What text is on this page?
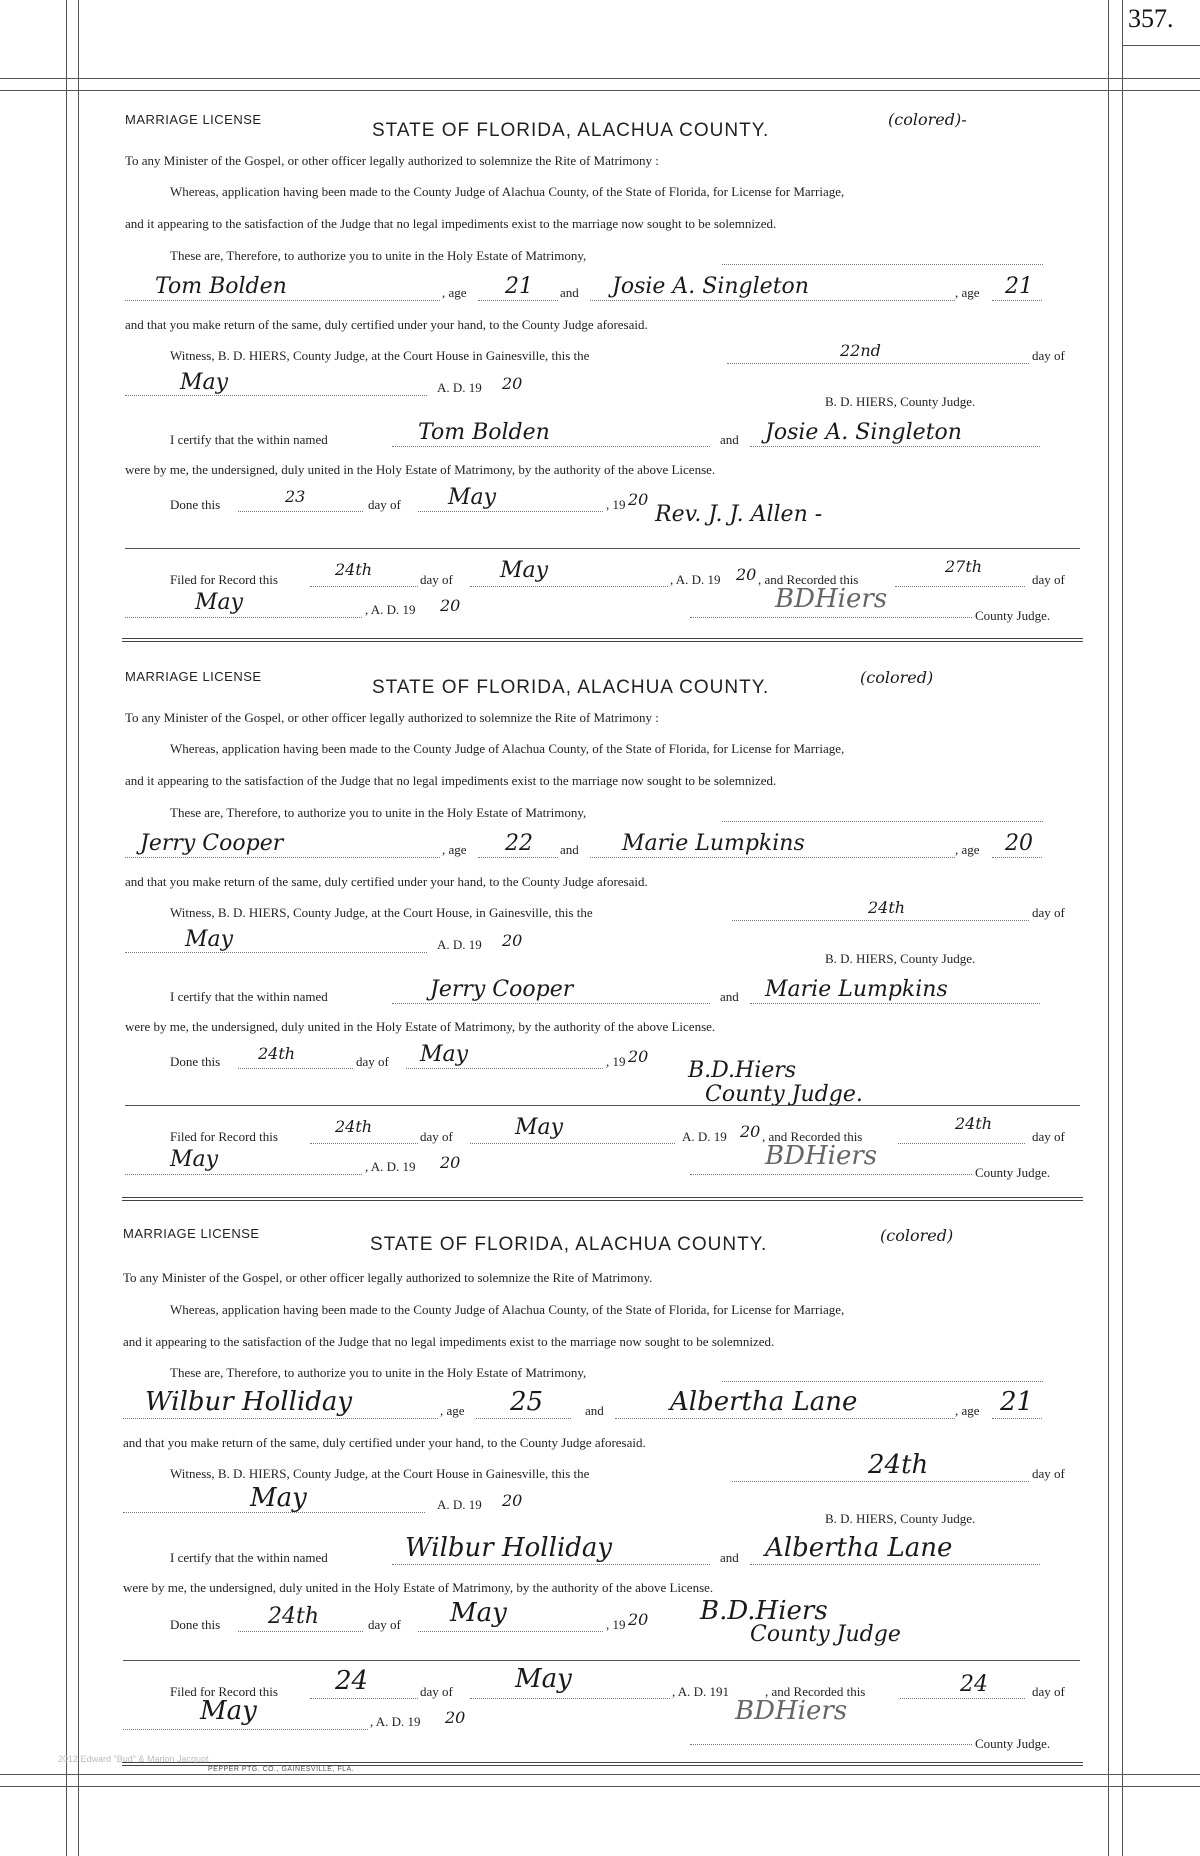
357.
MARRIAGE LICENSE
STATE OF FLORIDA, ALACHUA COUNTY.
(colored)-
To any Minister of the Gospel, or other officer legally authorized to solemnize the Rite of Matrimony :
Whereas, application having been made to the County Judge of Alachua County, of the State of Florida, for License for Marriage,
and it appearing to the satisfaction of the Judge that no legal impediments exist to the marriage now sought to be solemnized.
These are, Therefore, to authorize you to unite in the Holy Estate of Matrimony,
Tom Bolden	, age 21 and Josie A. Singleton	, age 21
and that you make return of the same, duly certified under your hand, to the County Judge aforesaid.
Witness, B. D. HIERS, County Judge, at the Court House in Gainesville, this the	22nd	day of
May	A. D. 19 20
B. D. HIERS, County Judge.
I certify that the within named	Tom Bolden	and Josie A. Singleton
were by me, the undersigned, duly united in the Holy Estate of Matrimony, by the authority of the above License.
Done this	23	day of May	, 19 20
Rev. J. J. Allen -
Filed for Record this
24th
day of May	, A. D. 19 20 , and Recorded this
27th
day of
May	, A. D. 19 20	BDHiers
County Judge.
MARRIAGE LICENSE
STATE OF FLORIDA, ALACHUA COUNTY.	(colored)
To any Minister of the Gospel, or other officer legally authorized to solemnize the Rite of Matrimony :
Whereas, application having been made to the County Judge of Alachua County, of the State of Florida, for License for Marriage,
and it appearing to the satisfaction of the Judge that no legal impediments exist to the marriage now sought to be solemnized.
These are, Therefore, to authorize you to unite in the Holy Estate of Matrimony,
Jerry Cooper	, age 22 and Marie Lumpkins	, age 20
and that you make return of the same, duly certified under your hand, to the County Judge aforesaid.
Witness, B. D. HIERS, County Judge, at the Court House, in Gainesville, this the	24th	day of
May	A. D. 19 20
B. D. HIERS, County Judge.
I certify that the within named	Jerry Cooper	and Marie Lumpkins
were by me, the undersigned, duly united in the Holy Estate of Matrimony, by the authority of the above License.
Done this 24th	day of May	, 19 20
B.D.Hiers
County Judge.
Filed for Record this
24th
day of	May	A. D. 19 20 , and Recorded this
24th
day of
May	, A. D. 19 20	BDHiers
County Judge.
MARRIAGE LICENSE
STATE OF FLORIDA, ALACHUA COUNTY.	(colored)
To any Minister of the Gospel, or other officer legally authorized to solemnize the Rite of Matrimony.
Whereas, application having been made to the County Judge of Alachua County, of the State of Florida, for License for Marriage,
and it appearing to the satisfaction of the Judge that no legal impediments exist to the marriage now sought to be solemnized.
These are, Therefore, to authorize you to unite in the Holy Estate of Matrimony,
Wilbur Holliday	, age 25	and	Albertha Lane	, age 21
and that you make return of the same, duly certified under your hand, to the County Judge aforesaid.
Witness, B. D. HIERS, County Judge, at the Court House in Gainesville, this the	24th	day of
May	A. D. 19 20
B. D. HIERS, County Judge.
I certify that the within named	Wilbur Holliday	and Albertha Lane
were by me, the undersigned, duly united in the Holy Estate of Matrimony, by the authority of the above License.
Done this 24th	day of May	, 19 20 B.D.Hiers
County Judge
Filed for Record this 24	day of May	, A. D. 191	, and Recorded this	24	day of
May	, A. D. 19 20	BDHiers
County Judge.
2012 Edward "Bud" & Marion Jacquot
PEPPER PTG. CO., GAINESVILLE, FLA.
